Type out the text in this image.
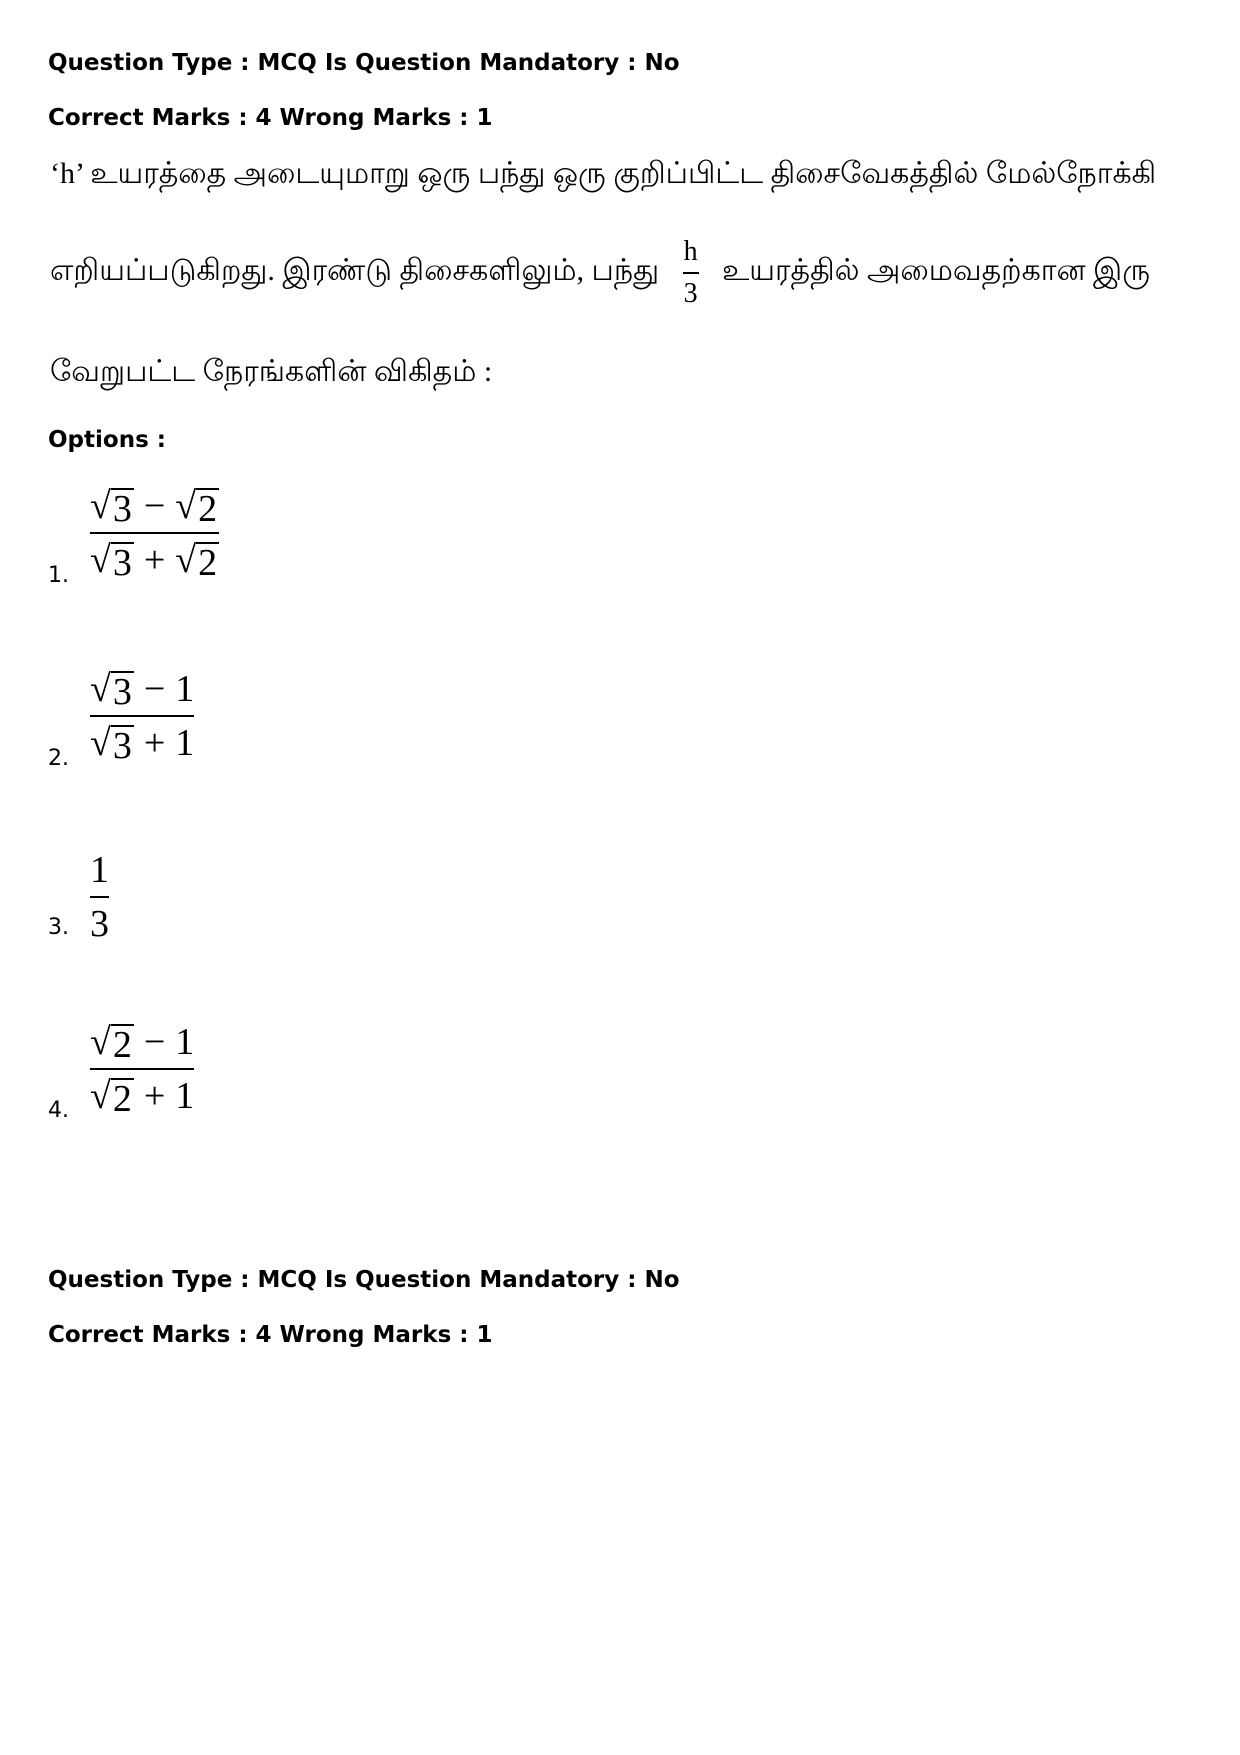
Question Type : MCQ Is Question Mandatory : No
Correct Marks : 4 Wrong Marks : 1
‘h’ உயரத்தை அடையுமாறு ஒரு பந்து ஒரு குறிப்பிட்ட திசைவேகத்தில் மேல்நோக்கி
எறியப்படுகிறது. இரண்டு திசைகளிலும், பந்து $\frac{h}{3}$ உயரத்தில் அமைவதற்கான இரு
வேறுபட்ட நேரங்களின் விகிதம் :
Options :
√ 3 − √ 2
√ 3 + √ 2
1.
√ 3 − 1
√ 3 + 1
2.
1
3
3.
√ 2 − 1
√ 2 + 1
4.
Question Type : MCQ Is Question Mandatory : No
Correct Marks : 4 Wrong Marks : 1
